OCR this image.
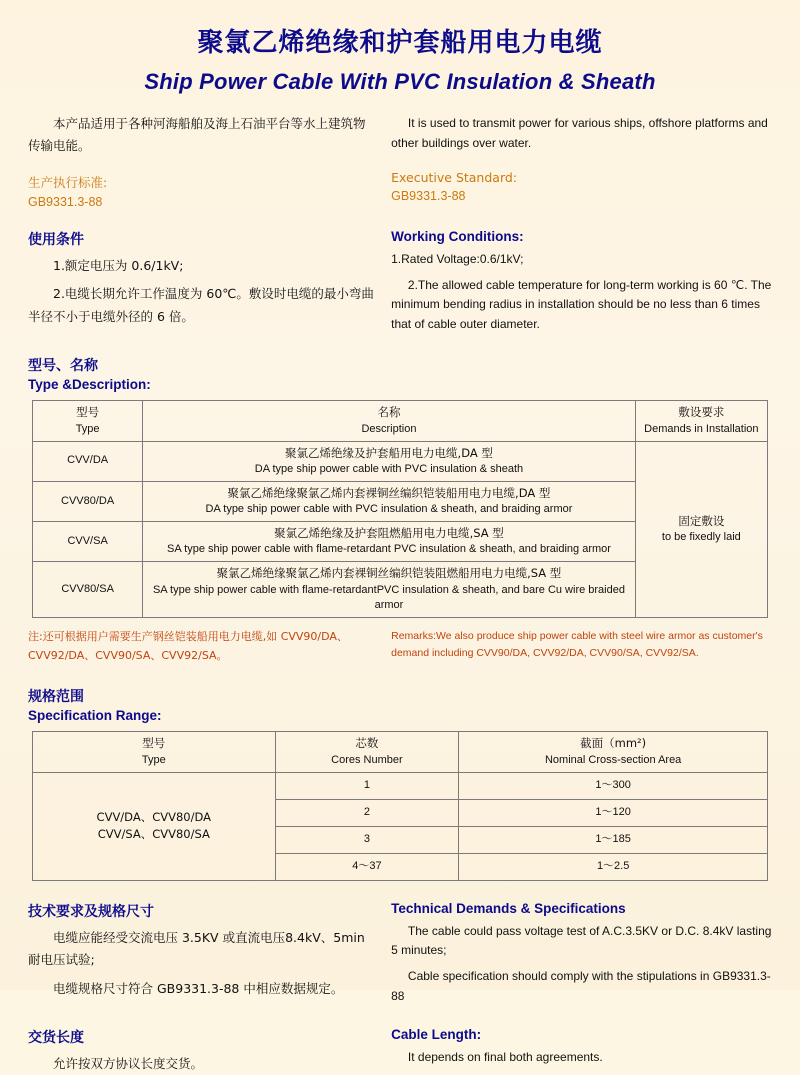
聚氯乙烯绝缘和护套船用电力电缆
Ship Power Cable With PVC Insulation & Sheath
本产品适用于各种河海船舶及海上石油平台等水上建筑物传输电能。
生产执行标准:
GB9331.3-88
It is used to transmit power for various ships, offshore platforms and other buildings over water.
Executive Standard:
GB9331.3-88
使用条件
1.额定电压为 0.6/1kV;
2.电缆长期允许工作温度为 60℃。敷设时电缆的最小弯曲半径不小于电缆外径的 6 倍。
Working Conditions:
1.Rated Voltage:0.6/1kV;
2.The allowed cable temperature for long-term working is 60 ℃. The minimum bending radius in installation should be no less than 6 times that of cable outer diameter.
型号、名称
Type &Description:
型号
Type

名称
Description

敷设要求
Demands in Installation

CVV/DA

聚氯乙烯绝缘及护套船用电力电缆,DA 型
DA type ship power cable with PVC insulation & sheath

固定敷设
to be fixedly laid

CVV80/DA	聚氯乙烯绝缘聚氯乙烯内套裸铜丝编织铠装船用电力电缆,DA 型
DA type ship power cable with PVC insulation & sheath, and braiding armor	

CVV/SA	聚氯乙烯绝缘及护套阻燃船用电力电缆,SA 型
SA type ship power cable with flame-retardant PVC insulation & sheath, and braiding armor	

CVV80/SA	聚氯乙烯绝缘聚氯乙烯内套裸铜丝编织铠装阻燃船用电力电缆,SA 型
SA type ship power cable with flame-retardantPVC insulation & sheath, and bare Cu wire braided armor	
注:还可根据用户需要生产钢丝铠装船用电力电缆,如 CVV90/DA、CVV92/DA、CVV90/SA、CVV92/SA。
Remarks:We also produce ship power cable with steel wire armor as customer's demand including CVV90/DA, CVV92/DA, CVV90/SA, CVV92/SA.
规格范围
Specification Range:
型号
Type

芯数
Cores Number

截面（mm²)
Nominal Cross-section Area

CVV/DA、CVV80/DA
CVV/SA、CVV80/SA	1	1～300

	2	1～120

	3	1～185

	4～37	1～2.5
技术要求及规格尺寸
电缆应能经受交流电压 3.5KV 或直流电压8.4kV、5min耐电压试验;
电缆规格尺寸符合 GB9331.3-88 中相应数据规定。
Technical Demands & Specifications
The cable could pass voltage test of A.C.3.5KV or D.C. 8.4kV lasting 5 minutes;
Cable specification should comply with the stipulations in GB9331.3-88
交货长度
允许按双方协议长度交货。
Cable Length:
It depends on final both agreements.
